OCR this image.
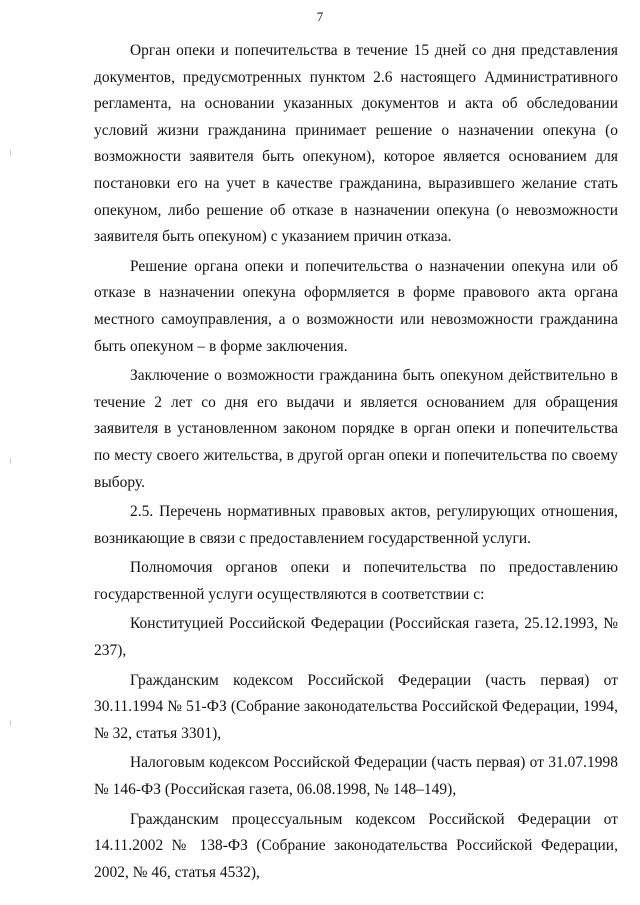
7

Орган опеки и попечительства в течение 15 дней со дня представления документов, предусмотренных пунктом 2.6 настоящего Административного регламента, на основании указанных документов и акта об обследовании условий жизни гражданина принимает решение о назначении опекуна (о возможности заявителя быть опекуном), которое является основанием для постановки его на учет в качестве гражданина, выразившего желание стать опекуном, либо решение об отказе в назначении опекуна (о невозможности заявителя быть опекуном) с указанием причин отказа.

Решение органа опеки и попечительства о назначении опекуна или об отказе в назначении опекуна оформляется в форме правового акта органа местного самоуправления, а о возможности или невозможности гражданина быть опекуном – в форме заключения.

Заключение о возможности гражданина быть опекуном действительно в течение 2 лет со дня его выдачи и является основанием для обращения заявителя в установленном законом порядке в орган опеки и попечительства по месту своего жительства, в другой орган опеки и попечительства по своему выбору.

2.5. Перечень нормативных правовых актов, регулирующих отношения, возникающие в связи с предоставлением государственной услуги.

Полномочия органов опеки и попечительства по предоставлению государственной услуги осуществляются в соответствии с:

Конституцией Российской Федерации (Российская газета, 25.12.1993, № 237),

Гражданским кодексом Российской Федерации (часть первая) от 30.11.1994 № 51-ФЗ (Собрание законодательства Российской Федерации, 1994, № 32, статья 3301),

Налоговым кодексом Российской Федерации (часть первая) от 31.07.1998 № 146-ФЗ (Российская газета, 06.08.1998, № 148–149),

Гражданским процессуальным кодексом Российской Федерации от 14.11.2002 № 138-ФЗ (Собрание законодательства Российской Федерации, 2002, № 46, статья 4532),
